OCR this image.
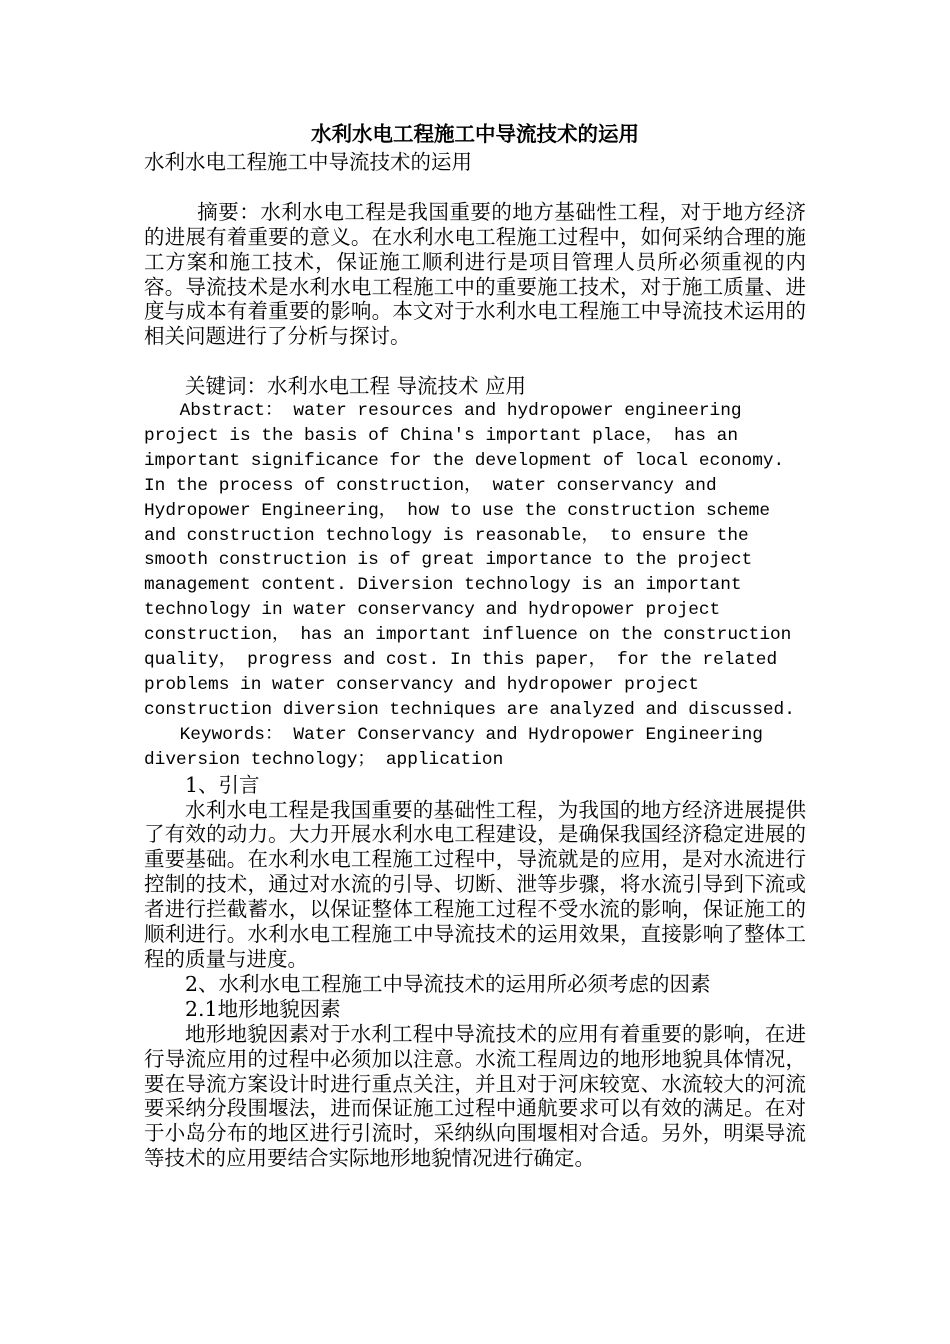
水利水电工程施工中导流技术的运用
水利水电工程施工中导流技术的运用

摘要：水利水电工程是我国重要的地方基础性工程，对于地方经济的进展有着重要的意义。在水利水电工程施工过程中，如何采纳合理的施工方案和施工技术，保证施工顺利进行是项目管理人员所必须重视的内容。导流技术是水利水电工程施工中的重要施工技术，对于施工质量、进度与成本有着重要的影响。本文对于水利水电工程施工中导流技术运用的相关问题进行了分析与探讨。

关键词：水利水电工程 导流技术 应用

Abstract： water resources and hydropower engineering project is the basis of China's important place， has an important significance for the development of local economy. In the process of construction， water conservancy and Hydropower Engineering， how to use the construction scheme and construction technology is reasonable， to ensure the smooth construction is of great importance to the project management content. Diversion technology is an important technology in water conservancy and hydropower project construction， has an important influence on the construction quality， progress and cost. In this paper， for the related problems in water conservancy and hydropower project construction diversion techniques are analyzed and discussed.

Keywords： Water Conservancy and Hydropower Engineering diversion technology； application

1、引言

水利水电工程是我国重要的基础性工程，为我国的地方经济进展提供了有效的动力。大力开展水利水电工程建设，是确保我国经济稳定进展的重要基础。在水利水电工程施工过程中，导流就是的应用，是对水流进行控制的技术，通过对水流的引导、切断、泄等步骤，将水流引导到下流或者进行拦截蓄水，以保证整体工程施工过程不受水流的影响，保证施工的顺利进行。水利水电工程施工中导流技术的运用效果，直接影响了整体工程的质量与进度。

2、水利水电工程施工中导流技术的运用所必须考虑的因素

2.1地形地貌因素

地形地貌因素对于水利工程中导流技术的应用有着重要的影响，在进行导流应用的过程中必须加以注意。水流工程周边的地形地貌具体情况，要在导流方案设计时进行重点关注，并且对于河床较宽、水流较大的河流要采纳分段围堰法，进而保证施工过程中通航要求可以有效的满足。在对于小岛分布的地区进行引流时，采纳纵向围堰相对合适。另外，明渠导流等技术的应用要结合实际地形地貌情况进行确定。
